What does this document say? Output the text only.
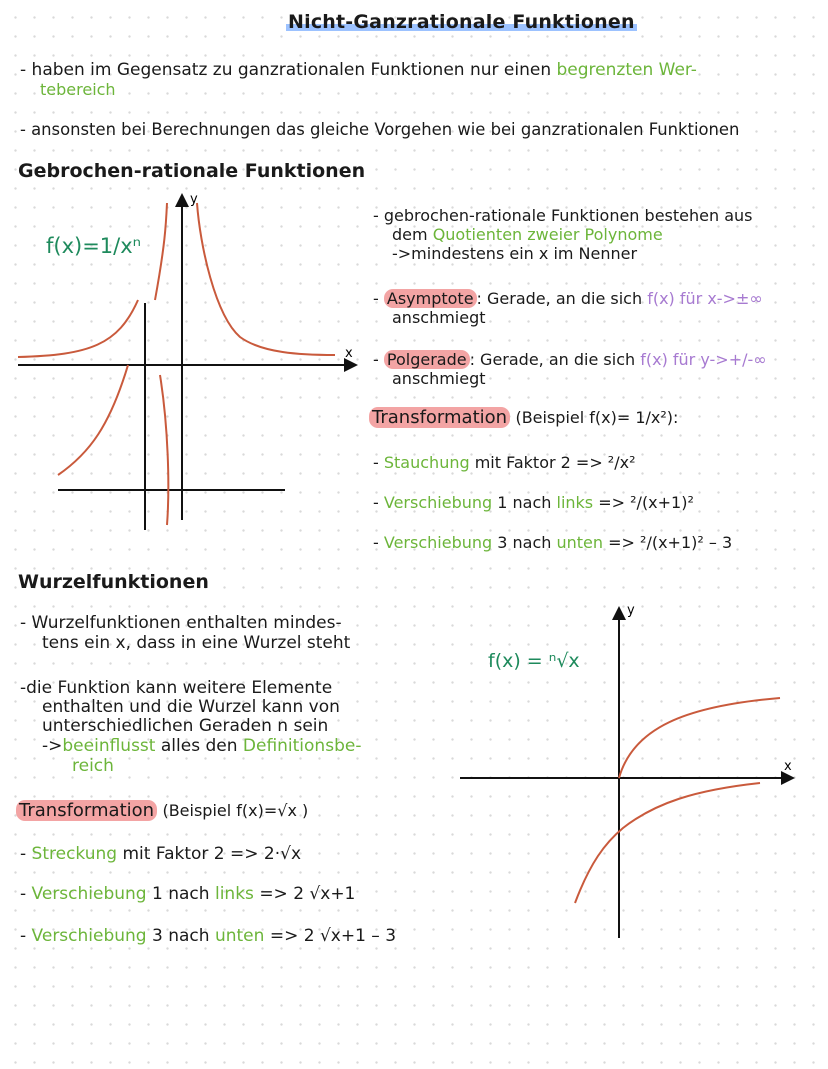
Nicht-Ganzrationale Funktionen
- haben im Gegensatz zu ganzrationalen Funktionen nur einen begrenzten Wer-
tebereich
- ansonsten bei Berechnungen das gleiche Vorgehen wie bei ganzrationalen Funktionen
Gebrochen-rationale Funktionen
f(x)=1/xⁿ
x
y
- gebrochen-rationale Funktionen bestehen aus
dem Quotienten zweier Polynome
->mindestens ein x im Nenner
- Asymptote : Gerade, an die sich f(x) für x->±∞
anschmiegt
- Polgerade : Gerade, an die sich f(x) für y->+/-∞
anschmiegt
Transformation (Beispiel f(x)= 1/x²):
- Stauchung mit Faktor 2 => ²/x²
- Verschiebung 1 nach links => ²/(x+1)²
- Verschiebung 3 nach unten => ²/(x+1)² – 3
Wurzelfunktionen
- Wurzelfunktionen enthalten mindes-
tens ein x, dass in eine Wurzel steht
-die Funktion kann weitere Elemente
enthalten und die Wurzel kann von
unterschiedlichen Geraden n sein
->beeinflusst alles den Definitionsbe-
reich
Transformation (Beispiel f(x)=√x )
- Streckung mit Faktor 2 => 2·√x
- Verschiebung 1 nach links => 2 √x+1
- Verschiebung 3 nach unten => 2 √x+1 – 3
f(x) = ⁿ√x
x
y
